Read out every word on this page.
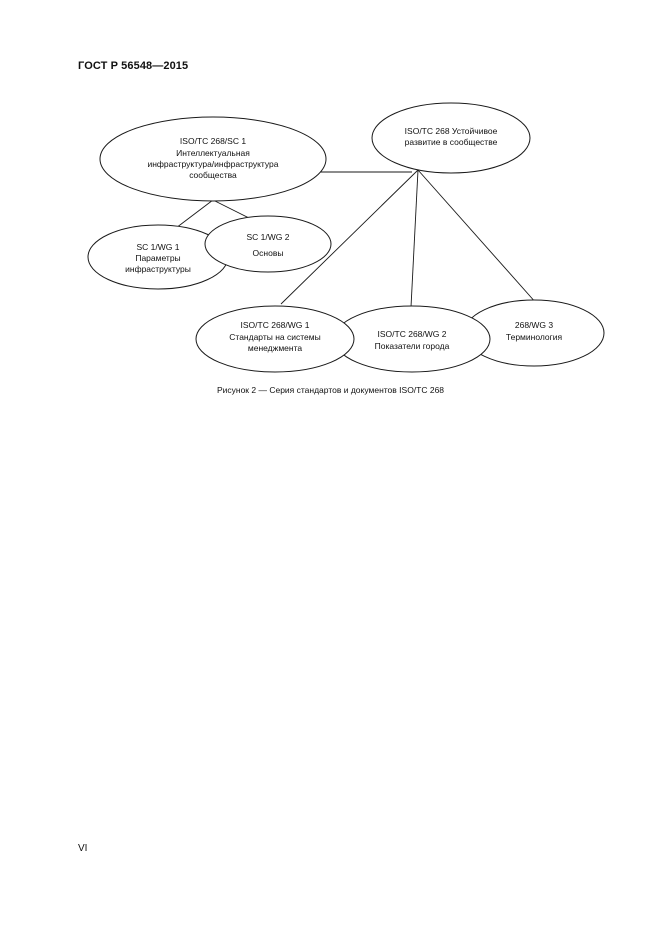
ГОСТ Р 56548—2015
ISO/TC 268 Устойчивое
развитие в сообществе
ISO/TC 268/SC 1
Интеллектуальная
инфраструктура/инфраструктура
сообщества
SC 1/WG 1
Параметры
инфраструктуры
SC 1/WG 2
Основы
268/WG 3
Терминология
ISO/TC 268/WG 2
Показатели города
ISO/TC 268/WG 1
Стандарты на системы
менеджмента
Рисунок 2 — Серия стандартов и документов ISO/TC 268
VI
